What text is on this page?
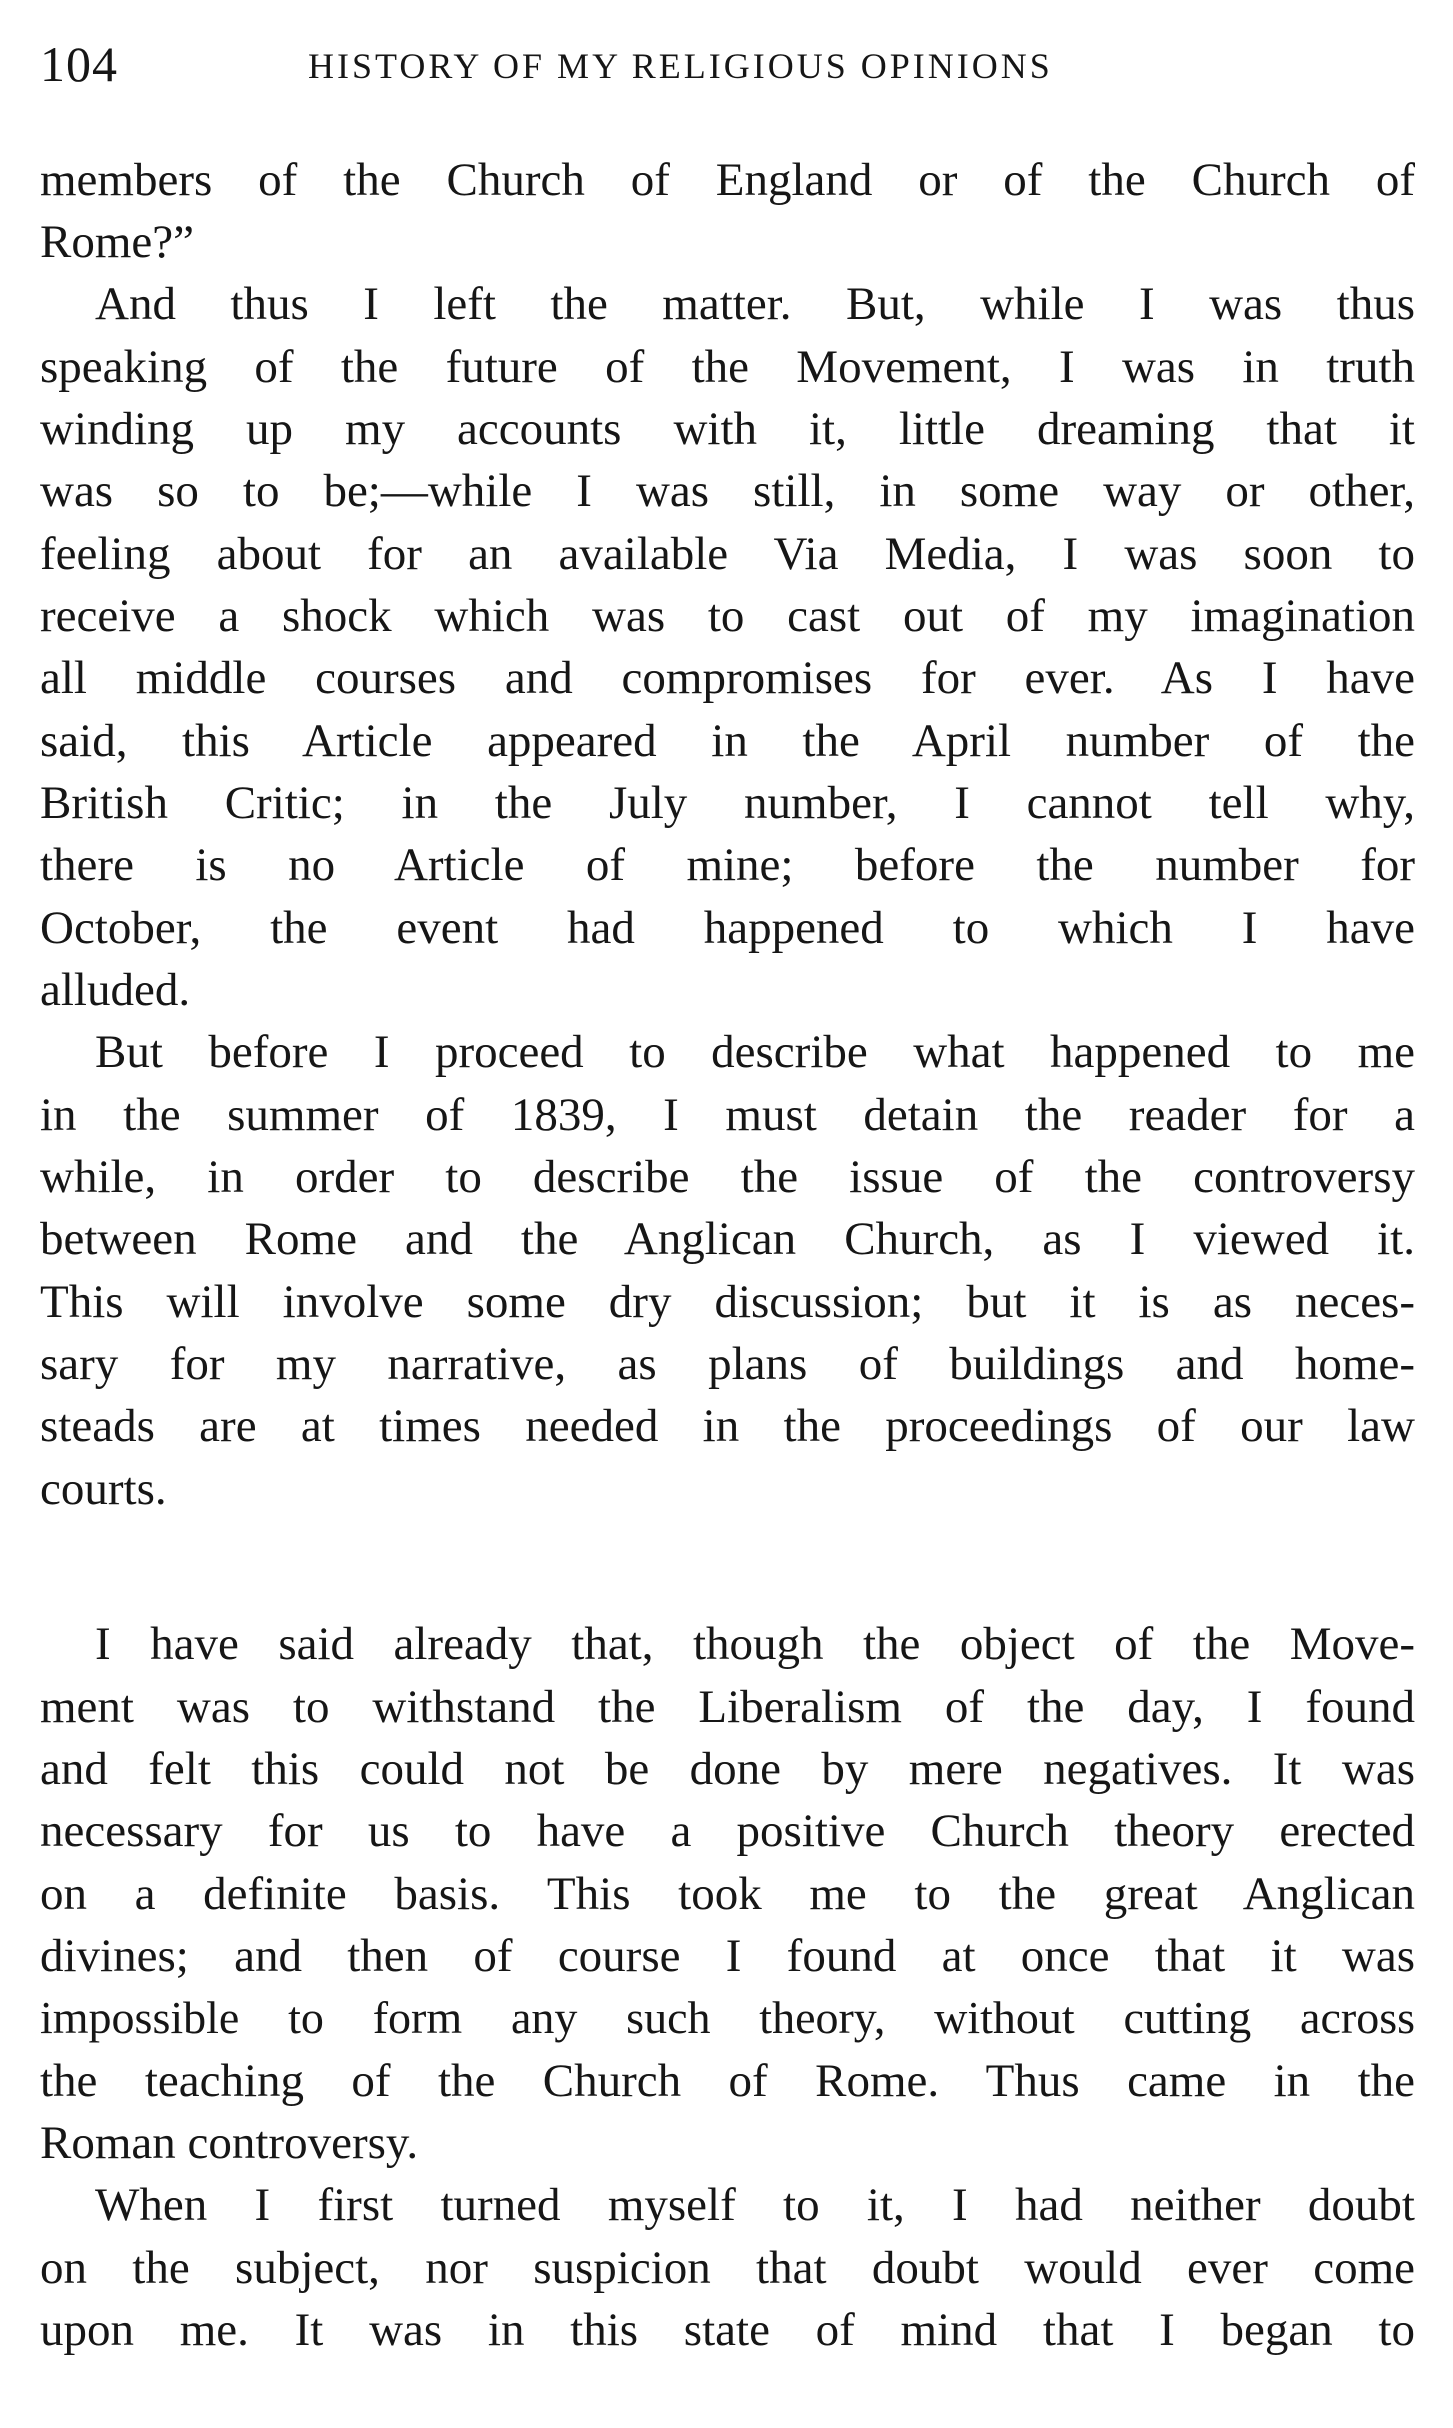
104	HISTORY OF MY RELIGIOUS OPINIONS
members of the Church of England or of the Church of
Rome?”
And thus I left the matter. But, while I was thus
speaking of the future of the Movement, I was in truth
winding up my accounts with it, little dreaming that it
was so to be;—while I was still, in some way or other,
feeling about for an available Via Media, I was soon to
receive a shock which was to cast out of my imagination
all middle courses and compromises for ever. As I have
said, this Article appeared in the April number of the
British Critic; in the July number, I cannot tell why,
there is no Article of mine; before the number for
October, the event had happened to which I have
alluded.
But before I proceed to describe what happened to me
in the summer of 1839, I must detain the reader for a
while, in order to describe the issue of the controversy
between Rome and the Anglican Church, as I viewed it.
This will involve some dry discussion; but it is as neces-
sary for my narrative, as plans of buildings and home-
steads are at times needed in the proceedings of our law
courts.
I have said already that, though the object of the Move-
ment was to withstand the Liberalism of the day, I found
and felt this could not be done by mere negatives. It was
necessary for us to have a positive Church theory erected
on a definite basis. This took me to the great Anglican
divines; and then of course I found at once that it was
impossible to form any such theory, without cutting across
the teaching of the Church of Rome. Thus came in the
Roman controversy.
When I first turned myself to it, I had neither doubt
on the subject, nor suspicion that doubt would ever come
upon me. It was in this state of mind that I began to
